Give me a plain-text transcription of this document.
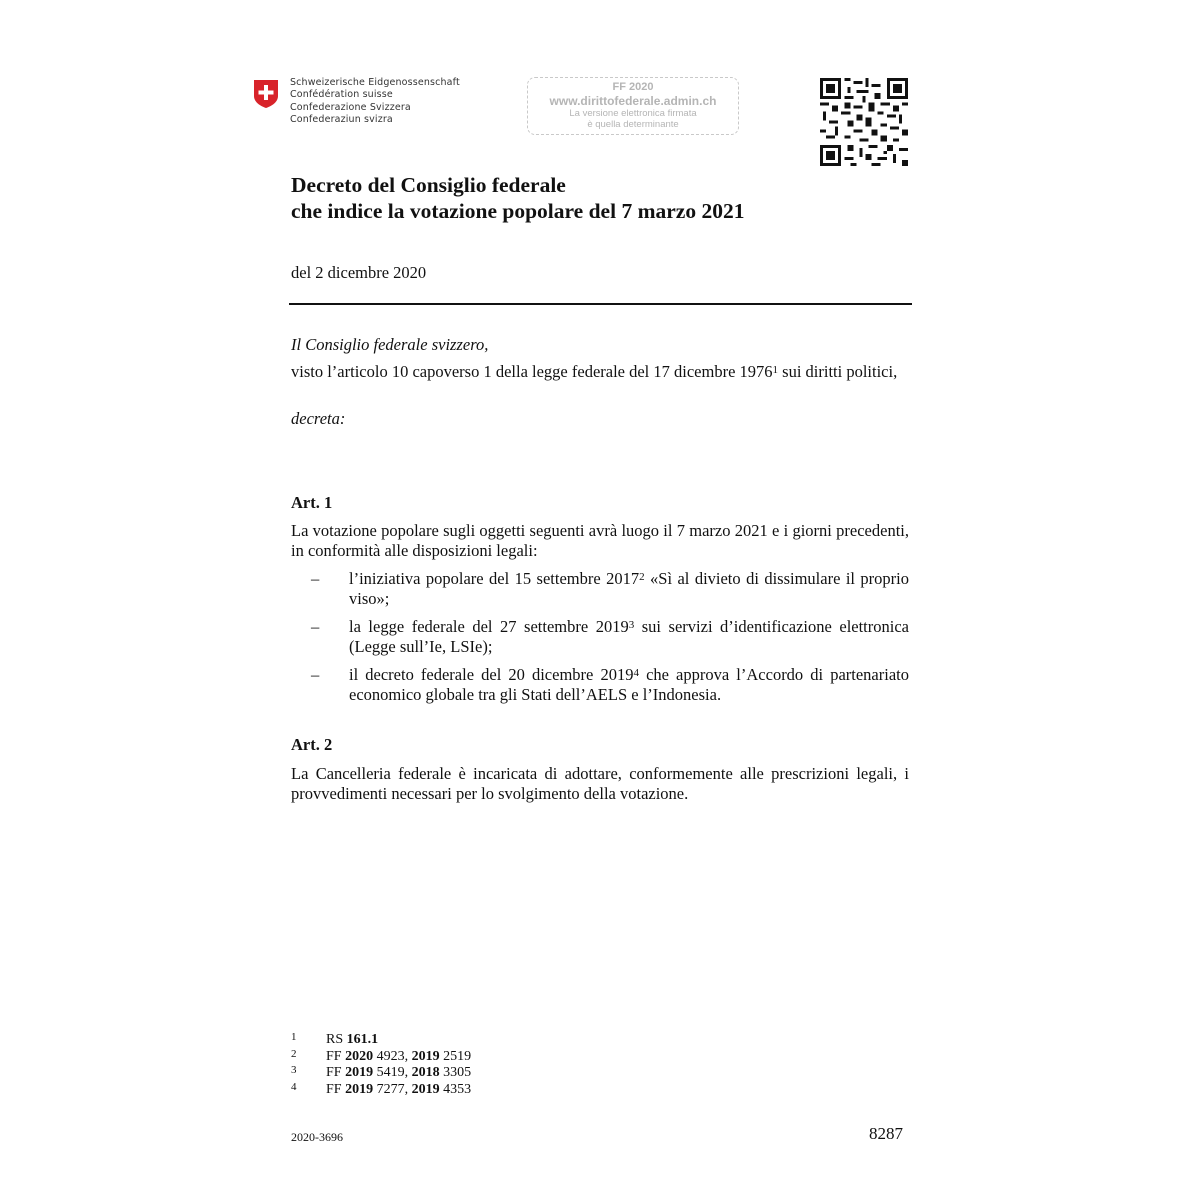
Schweizerische Eidgenossenschaft
Confédération suisse
Confederazione Svizzera
Confederaziun svizra
FF 2020
www.dirittofederale.admin.ch
La versione elettronica firmata
è quella determinante
Decreto del Consiglio federale
che indice la votazione popolare del 7 marzo 2021
del 2 dicembre 2020
Il Consiglio federale svizzero,
visto l’articolo 10 capoverso 1 della legge federale del 17 dicembre 1976$^1$ sui diritti politici,
decreta:
Art. 1
La votazione popolare sugli oggetti seguenti avrà luogo il 7 marzo 2021 e i giorni precedenti, in conformità alle disposizioni legali:
– l’iniziativa popolare del 15 settembre 2017$^2$ «Sì al divieto di dissimulare il proprio viso»;
– la legge federale del 27 settembre 2019$^3$ sui servizi d’identificazione elettronica (Legge sull’Ie, LSIe);
– il decreto federale del 20 dicembre 2019$^4$ che approva l’Accordo di partenariato economico globale tra gli Stati dell’AELS e l’Indonesia.
Art. 2
La Cancelleria federale è incaricata di adottare, conformemente alle prescrizioni legali, i provvedimenti necessari per lo svolgimento della votazione.
1 RS 161.1
2 FF 2020 4923, 2019 2519
3 FF 2019 5419, 2018 3305
4 FF 2019 7277, 2019 4353
2020-3696	8287
